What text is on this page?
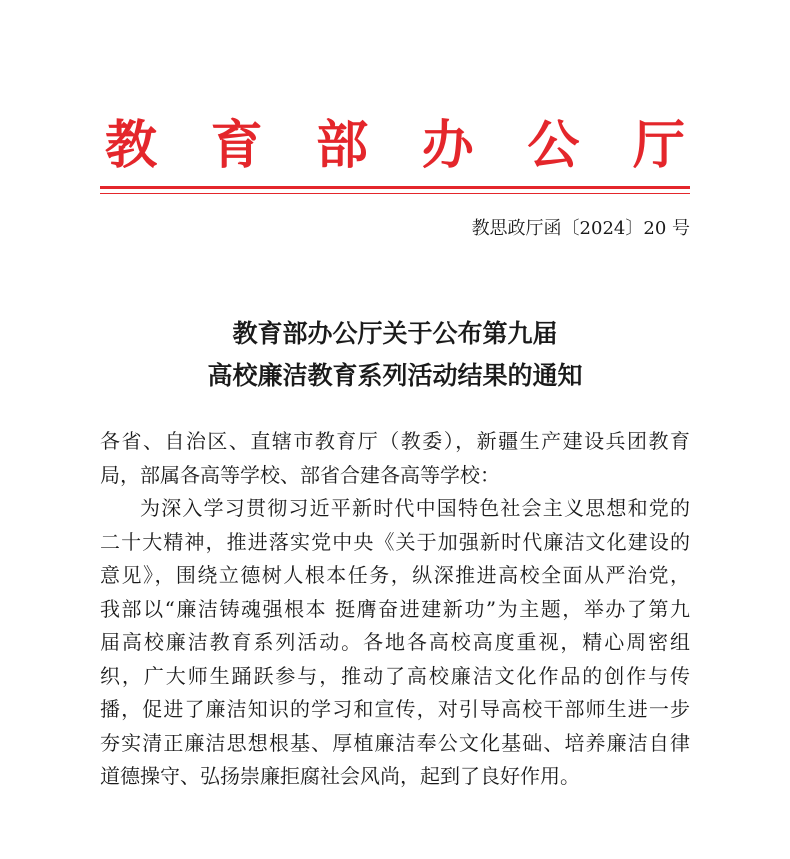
教 育 部 办 公 厅
教思政厅函〔2024〕20 号
教育部办公厅关于公布第九届
高校廉洁教育系列活动结果的通知

各省、自治区、直辖市教育厅（教委），新疆生产建设兵团教育
局，部属各高等学校、部省合建各高等学校：

为深入学习贯彻习近平新时代中国特色社会主义思想和党的
二十大精神，推进落实党中央《关于加强新时代廉洁文化建设的
意见》，围绕立德树人根本任务，纵深推进高校全面从严治党，
我部以“廉洁铸魂强根本 挺膺奋进建新功”为主题，举办了第九
届高校廉洁教育系列活动。各地各高校高度重视，精心周密组
织，广大师生踊跃参与，推动了高校廉洁文化作品的创作与传
播，促进了廉洁知识的学习和宣传，对引导高校干部师生进一步
夯实清正廉洁思想根基、厚植廉洁奉公文化基础、培养廉洁自律
道德操守、弘扬崇廉拒腐社会风尚，起到了良好作用。
